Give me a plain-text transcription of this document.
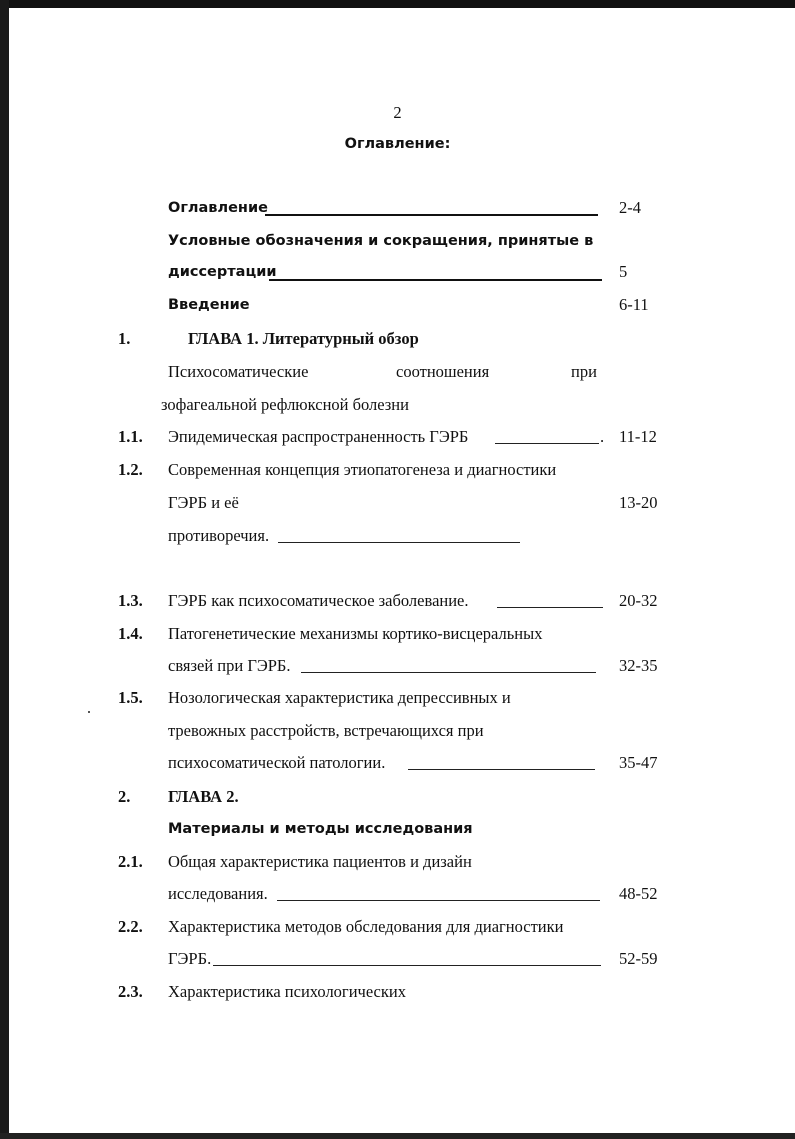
2
Оглавление:
Оглавление	2-4
Условные обозначения и сокращения, принятые в
диссертации	5
Введение	6-11
1.	ГЛАВА 1. Литературный обзор
Психосоматические	соотношения	при
зофагеальной рефлюксной болезни
1.1. Эпидемическая распространенность ГЭРБ	. 11-12
1.2. Современная концепция этиопатогенеза и диагностики
ГЭРБ и её	13-20
противоречия.
1.3. ГЭРБ как психосоматическое заболевание.	20-32
1.4. Патогенетические механизмы кортико-висцеральных
связей при ГЭРБ.	32-35
1.5. Нозологическая характеристика депрессивных и
тревожных расстройств, встречающихся при
психосоматической патологии.	35-47
2. ГЛАВА 2.
Материалы и методы исследования
2.1. Общая характеристика пациентов и дизайн
исследования.	48-52
2.2. Характеристика методов обследования для диагностики
ГЭРБ.	52-59
2.3. Характеристика психологических
